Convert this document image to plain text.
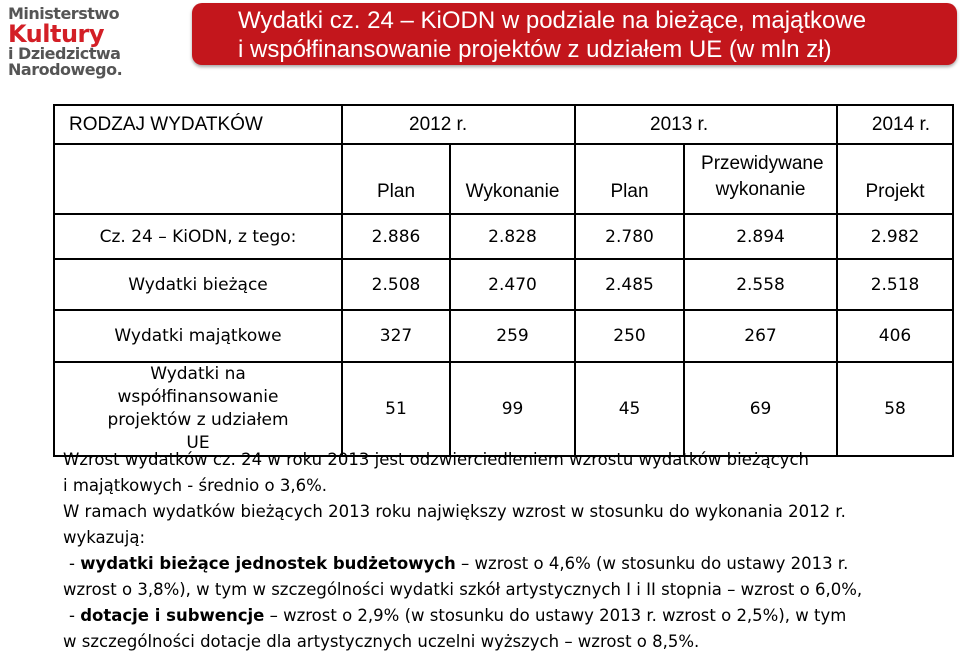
Ministerstwo
Kultury
i Dziedzictwa
Narodowego.
Wydatki cz. 24 – KiODN w podziale na bieżące, majątkowe
i współfinansowanie projektów z udziałem UE (w mln zł)
RODZAJ WYDATKÓW	2012 r.		2013 r.		2014 r.
	Plan	Wykonanie	Plan	Przewidywane wykonanie	Projekt
Cz. 24 – KiODN, z tego:	2.886	2.828	2.780	2.894	2.982
Wydatki bieżące	2.508	2.470	2.485	2.558	2.518
Wydatki majątkowe	327	259	250	267	406
Wydatki na współfinansowanie projektów z udziałem UE	51	99	45	69	58
Wzrost wydatków cz. 24 w roku 2013 jest odzwierciedleniem wzrostu wydatków bieżących
i majątkowych - średnio o 3,6%.
W ramach wydatków bieżących 2013 roku największy wzrost w stosunku do wykonania 2012 r.
wykazują:
- wydatki bieżące jednostek budżetowych – wzrost o 4,6% (w stosunku do ustawy 2013 r.
wzrost o 3,8%), w tym w szczególności wydatki szkół artystycznych I i II stopnia – wzrost o 6,0%,
- dotacje i subwencje – wzrost o 2,9% (w stosunku do ustawy 2013 r. wzrost o 2,5%), w tym
w szczególności dotacje dla artystycznych uczelni wyższych – wzrost o 8,5%.
